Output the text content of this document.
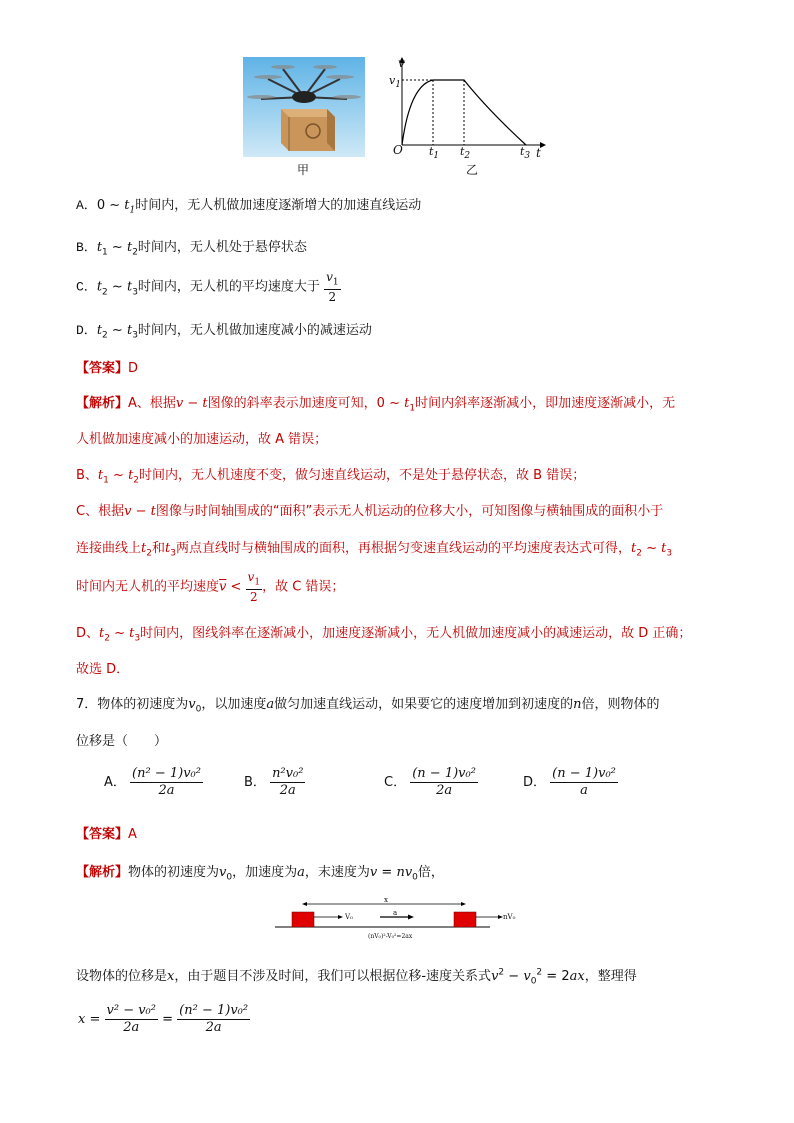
甲
v
$v_1$
O $t_1$ $t_2$	$t_3$ t
乙
A．0 ~ $t_1$时间内，无人机做加速度逐渐增大的加速直线运动
B．$t_1$ ~ $t_2$时间内，无人机处于悬停状态
C．$t_2$ ~ $t_3$时间内，无人机的平均速度大于 $\frac{v_1}{2}$
D．$t_2$ ~ $t_3$时间内，无人机做加速度减小的减速运动
【答案】D
【解析】A、根据v − t图像的斜率表示加速度可知，0 ~ $t_1$时间内斜率逐渐减小，即加速度逐渐减小，无
人机做加速度减小的加速运动，故 A 错误；
B、$t_1$ ~ $t_2$时间内，无人机速度不变，做匀速直线运动，不是处于悬停状态，故 B 错误；
C、根据v − t图像与时间轴围成的“面积”表示无人机运动的位移大小，可知图像与横轴围成的面积小于
连接曲线上$t_2$和$t_3$两点直线时与横轴围成的面积，再根据匀变速直线运动的平均速度表达式可得，$t_2$ ~ $t_3$
时间内无人机的平均速度$\overline{v} < \frac{v_1}{2}$ ，故 C 错误；
D、$t_2$ ~ $t_3$时间内，图线斜率在逐渐减小，加速度逐渐减小，无人机做加速度减小的减速运动，故 D 正确；
故选 D．
7．物体的初速度为$v_0$，以加速度a做匀加速直线运动，如果要它的速度增加到初速度的n倍，则物体的
位移是（　　）
A． $\frac{\text{(n² − 1)v₀²}}{2a}$	B． $\frac{\text{n²v₀²}}{2a}$	C． $\frac{\text{(n − 1)v₀²}}{2a}$	D． $\frac{\text{(n − 1)v₀²}}{a}$
【答案】A
【解析】物体的初速度为$v_0$，加速度为a，末速度为$v = nv_0$倍，
x
V₀	a	nV₀
(nV₀)²-V₀²=2ax
设物体的位移是x，由于题目不涉及时间，我们可以根据位移-速度关系式$v^2 - v_0^2 = 2ax$，整理得
$x = \frac{\text{v² − v₀²}}{2a} = \frac{\text{(n² − 1)v₀²}}{2a}$
